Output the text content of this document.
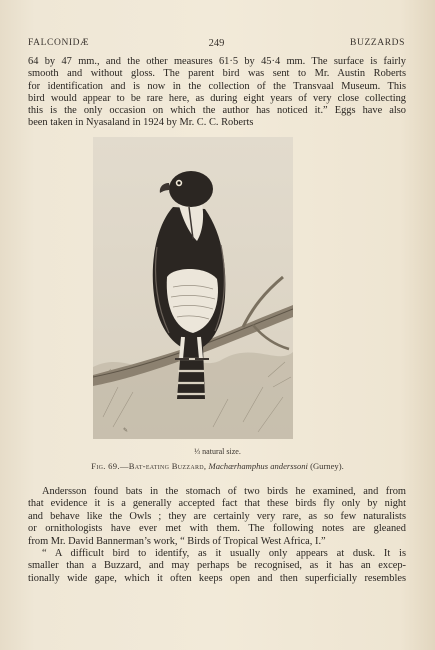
FALCONIDÆ	249	BUZZARDS

64 by 47 mm., and the other measures 61·5 by 45·4 mm. The surface is fairly
smooth and without gloss. The parent bird was sent to Mr. Austin Roberts
for identification and is now in the collection of the Transvaal Museum. This
bird would appear to be rare here, as during eight years of very close collecting
this is the only occasion on which the author has noticed it.” Eggs have also
been taken in Nyasaland in 1924 by Mr. C. C. Roberts

✎
⅓ natural size.
Fig. 69.—Bat-eating Buzzard, Machærhamphus anderssoni (Gurney).

Andersson found bats in the stomach of two birds he examined, and from
that evidence it is a generally accepted fact that these birds fly only by night
and behave like the Owls ; they are certainly very rare, as so few naturalists
or ornithologists have ever met with them. The following notes are gleaned
from Mr. David Bannerman’s work, “ Birds of Tropical West Africa, I.”
“ A difficult bird to identify, as it usually only appears at dusk. It is
smaller than a Buzzard, and may perhaps be recognised, as it has an excep-
tionally wide gape, which it often keeps open and then superficially resembles
